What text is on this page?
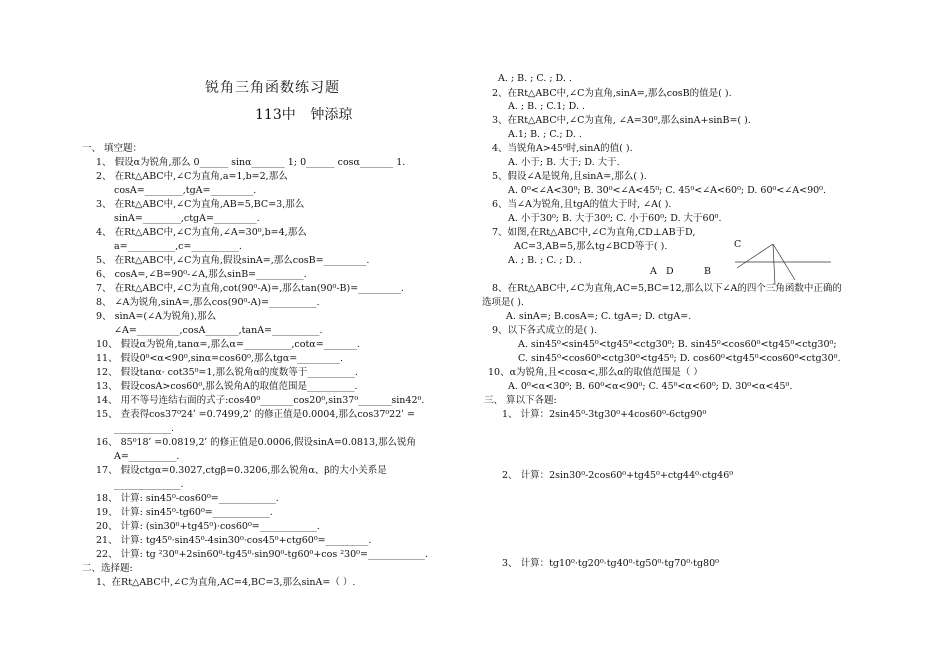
锐角三角函数练习题
113中 钟添琼
一、 填空题：
1、 假设α为锐角,那么 0______ sinα_______ 1; 0______ cosα_______ 1.
2、 在Rt△ABC中,∠C为直角,a=1,b=2,那么
cosA=________,tgA=_________.
3、 在Rt△ABC中,∠C为直角,AB=5,BC=3,那么
sinA=________,ctgA=_________.
4、 在Rt△ABC中,∠C为直角,∠A=30⁰,b=4,那么
a=__________,c=__________.
5、 在Rt△ABC中,∠C为直角,假设sinA=,那么cosB=_________.
6、 cosA=,∠B=90⁰-∠A,那么sinB=__________.
7、 在Rt△ABC中,∠C为直角,cot(90⁰-A)=,那么tan(90⁰-B)=_________.
8、 ∠A为锐角,sinA=,那么cos(90⁰-A)=__________.
9、 sinA=(∠A为锐角),那么
∠A=_________,cosA_______,tanA=__________.
10、 假设α为锐角,tanα=,那么α=__________,cotα=_______.
11、 假设0⁰<α<90⁰,sinα=cos60⁰,那么tgα=_________.
12、 假设tanα· cot35⁰=1,那么锐角α的度数等于__________.
13、 假设cosA>cos60⁰,那么锐角A的取值范围是__________.
14、 用不等号连结右面的式子:cos40⁰_______cos20⁰,sin37⁰_______sin42⁰.
15、 查表得cos37⁰24ʹ =0.7499,2ʹ 的修正值是0.0004,那么cos37⁰22ʹ =
____________.
16、 85⁰18ʹ =0.0819,2ʹ 的修正值是0.0006,假设sinA=0.0813,那么锐角
A=__________.
17、 假设ctgα=0.3027,ctgβ=0.3206,那么锐角α、β的大小关系是
______________.
18、 计算: sin45⁰-cos60⁰=____________.
19、 计算: sin45⁰-tg60⁰=____________.
20、 计算: (sin30⁰+tg45⁰)·cos60⁰=____________.
21、 计算: tg45⁰·sin45⁰-4sin30⁰·cos45⁰+ctg60⁰=_________.
22、 计算: tg ²30⁰+2sin60⁰-tg45⁰·sin90⁰-tg60⁰+cos ²30⁰=____________.
二、选择题:
1、在Rt△ABC中,∠C为直角,AC=4,BC=3,那么sinA=（ ）.
A. ; B. ; C. ; D. .
2、在Rt△ABC中,∠C为直角,sinA=,那么cosB的值是( ).
A. ; B. ; C.1; D. .
3、在Rt△ABC中,∠C为直角, ∠A=30⁰,那么sinA+sinB=( ).
A.1; B. ; C.; D. .
4、当锐角A>45⁰时,sinA的值( ).
A. 小于; B. 大于; D. 大于.
5、假设∠A是锐角,且sinA=,那么( ).
A. 0⁰<∠A<30⁰; B. 30⁰<∠A<45⁰; C. 45⁰<∠A<60⁰; D. 60⁰<∠A<90⁰.
6、当∠A为锐角,且tgA的值大于时, ∠A( ).
A. 小于30⁰; B. 大于30⁰; C. 小于60⁰; D. 大于60⁰.
7、如图,在Rt△ABC中,∠C为直角,CD⊥AB于D,
AC=3,AB=5,那么tg∠BCD等于( ).
A. ; B. ; C. ; D. .
8、在Rt△ABC中,∠C为直角,AC=5,BC=12,那么以下∠A的四个三角函数中正确的
选项是( ).
A. sinA=; B.cosA=; C. tgA=; D. ctgA=.
9、以下各式成立的是( ).
A. sin45⁰<sin45⁰<tg45⁰<ctg30⁰; B. sin45⁰<cos60⁰<tg45⁰<ctg30⁰;
C. sin45⁰<cos60⁰<ctg30⁰<tg45⁰; D. cos60⁰<tg45⁰<cos60⁰<ctg30⁰.
10、α为锐角,且<cosα<,那么α的取值范围是（ ）
A. 0⁰<α<30⁰; B. 60⁰<α<90⁰; C. 45⁰<α<60⁰; D. 30⁰<α<45⁰.
三、 算以下各题:
1、 计算：2sin45⁰-3tg30⁰+4cos60⁰-6ctg90⁰
2、 计算：2sin30⁰-2cos60⁰+tg45⁰+ctg44⁰·ctg46⁰
3、 计算：tg10⁰·tg20⁰·tg40⁰·tg50⁰·tg70⁰·tg80⁰
C
A D	B
